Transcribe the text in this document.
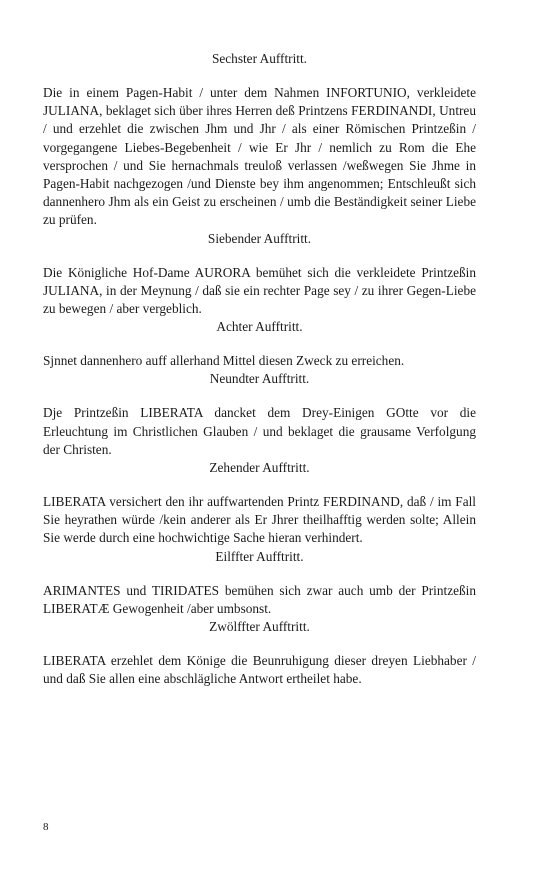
Sechster Aufftritt.
Die in einem Pagen-Habit / unter dem Nahmen INFORTUNIO, verkleidete JULIANA, beklaget sich über ihres Herren deß Printzens FERDINANDI, Untreu / und erzehlet die zwischen Jhm und Jhr / als einer Römischen Printzeßin / vorgegangene Liebes-Begebenheit / wie Er Jhr / nemlich zu Rom die Ehe versprochen / und Sie hernachmals treuloß verlassen /weßwegen Sie Jhme in Pagen-Habit nachgezogen /und Dienste bey ihm angenommen; Entschleußt sich dannenhero Jhm als ein Geist zu erscheinen / umb die Beständigkeit seiner Liebe zu prüfen.
Siebender Aufftritt.
Die Königliche Hof-Dame AURORA bemühet sich die verkleidete Printzeßin JULIANA, in der Meynung / daß sie ein rechter Page sey / zu ihrer Gegen-Liebe zu bewegen / aber vergeblich.
Achter Aufftritt.
Sjnnet dannenhero auff allerhand Mittel diesen Zweck zu erreichen.
Neundter Aufftritt.
Dje Printzeßin LIBERATA dancket dem Drey-Einigen GOtte vor die Erleuchtung im Christlichen Glauben / und beklaget die grausame Verfolgung der Christen.
Zehender Aufftritt.
LIBERATA versichert den ihr auffwartenden Printz FERDINAND, daß / im Fall Sie heyrathen würde /kein anderer als Er Jhrer theilhafftig werden solte; Allein Sie werde durch eine hochwichtige Sache hieran verhindert.
Eilffter Aufftritt.
ARIMANTES und TIRIDATES bemühen sich zwar auch umb der Printzeßin LIBERATÆ Gewogenheit /aber umbsonst.
Zwölffter Aufftritt.
LIBERATA erzehlet dem Könige die Beunruhigung dieser dreyen Liebhaber / und daß Sie allen eine abschlägliche Antwort ertheilet habe.
8
